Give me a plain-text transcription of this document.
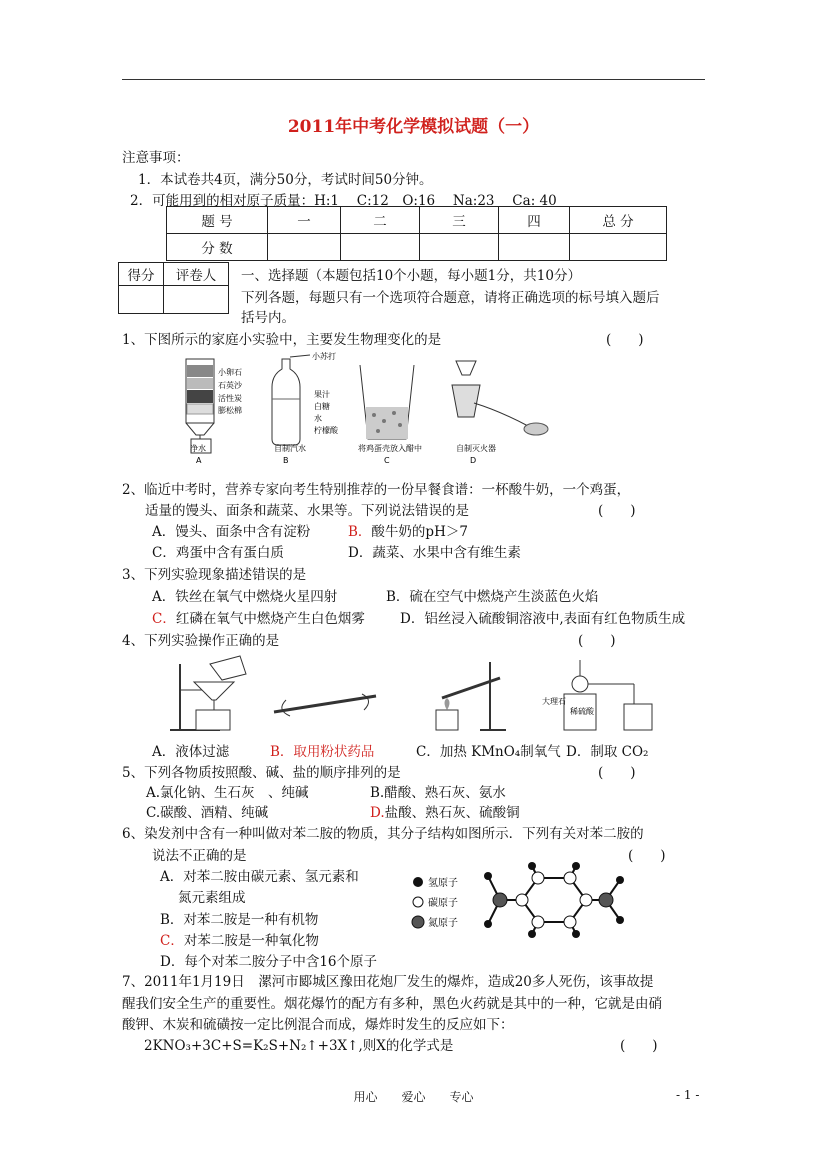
2011年中考化学模拟试题（一）
注意事项：
1．本试卷共4页，满分50分，考试时间50分钟。
2．可能用到的相对原子质量：H:1　 C:12　O:16　 Na:23　 Ca: 40
题 号	一	二	三	四	总 分
分 数					
得分	评卷人
	一、选择题（本题包括10个小题，每小题1分，共10分）
下列各题，每题只有一个选项符合题意，请将正确选项的标号填入题后
括号内。
1、下图所示的家庭小实验中，主要发生物理变化的是	(　　)
小卵石
石英沙
活性炭
膨松棉
净水
A
小苏打
果汁
白糖
水
柠檬酸
自制汽水
B
将鸡蛋壳放入醋中
C
自制灭火器
D
2、临近中考时，营养专家向考生特别推荐的一份早餐食谱：一杯酸牛奶，一个鸡蛋，
适量的馒头、面条和蔬菜、水果等。下列说法错误的是	(　　)
A．馒头、面条中含有淀粉	B．酸牛奶的pH＞7
C．鸡蛋中含有蛋白质	D．蔬菜、水果中含有维生素
3、下列实验现象描述错误的是
A．铁丝在氧气中燃烧火星四射	B．硫在空气中燃烧产生淡蓝色火焰
C．红磷在氧气中燃烧产生白色烟雾	D．铝丝浸入硫酸铜溶液中,表面有红色物质生成
4、下列实验操作正确的是	(　　)
大理石
稀硫酸
A．液体过滤	B．取用粉状药品	C．加热 KMnO₄制氧气 D．制取 CO₂
5、下列各物质按照酸、碱、盐的顺序排列的是	(　　)
A.氯化钠、生石灰　、纯碱	B.醋酸、熟石灰、氨水
C.碳酸、酒精、纯碱	D.盐酸、熟石灰、硫酸铜
6、染发剂中含有一种叫做对苯二胺的物质，其分子结构如图所示．下列有关对苯二胺的
说法不正确的是	(　　)
A．对苯二胺由碳元素、氢元素和
氮元素组成
B．对苯二胺是一种有机物
C．对苯二胺是一种氧化物
D．每个对苯二胺分子中含16个原子
氢原子
碳原子
氮原子
7、2011年1月19日　漯河市郾城区豫田花炮厂发生的爆炸，造成20多人死伤，该事故提
醒我们安全生产的重要性。烟花爆竹的配方有多种，黑色火药就是其中的一种，它就是由硝
酸钾、木炭和硫磺按一定比例混合而成，爆炸时发生的反应如下：
2KNO₃+3C+S=K₂S+N₂↑+3X↑,则X的化学式是	(　　)
用心　　爱心　　专心	- 1 -
